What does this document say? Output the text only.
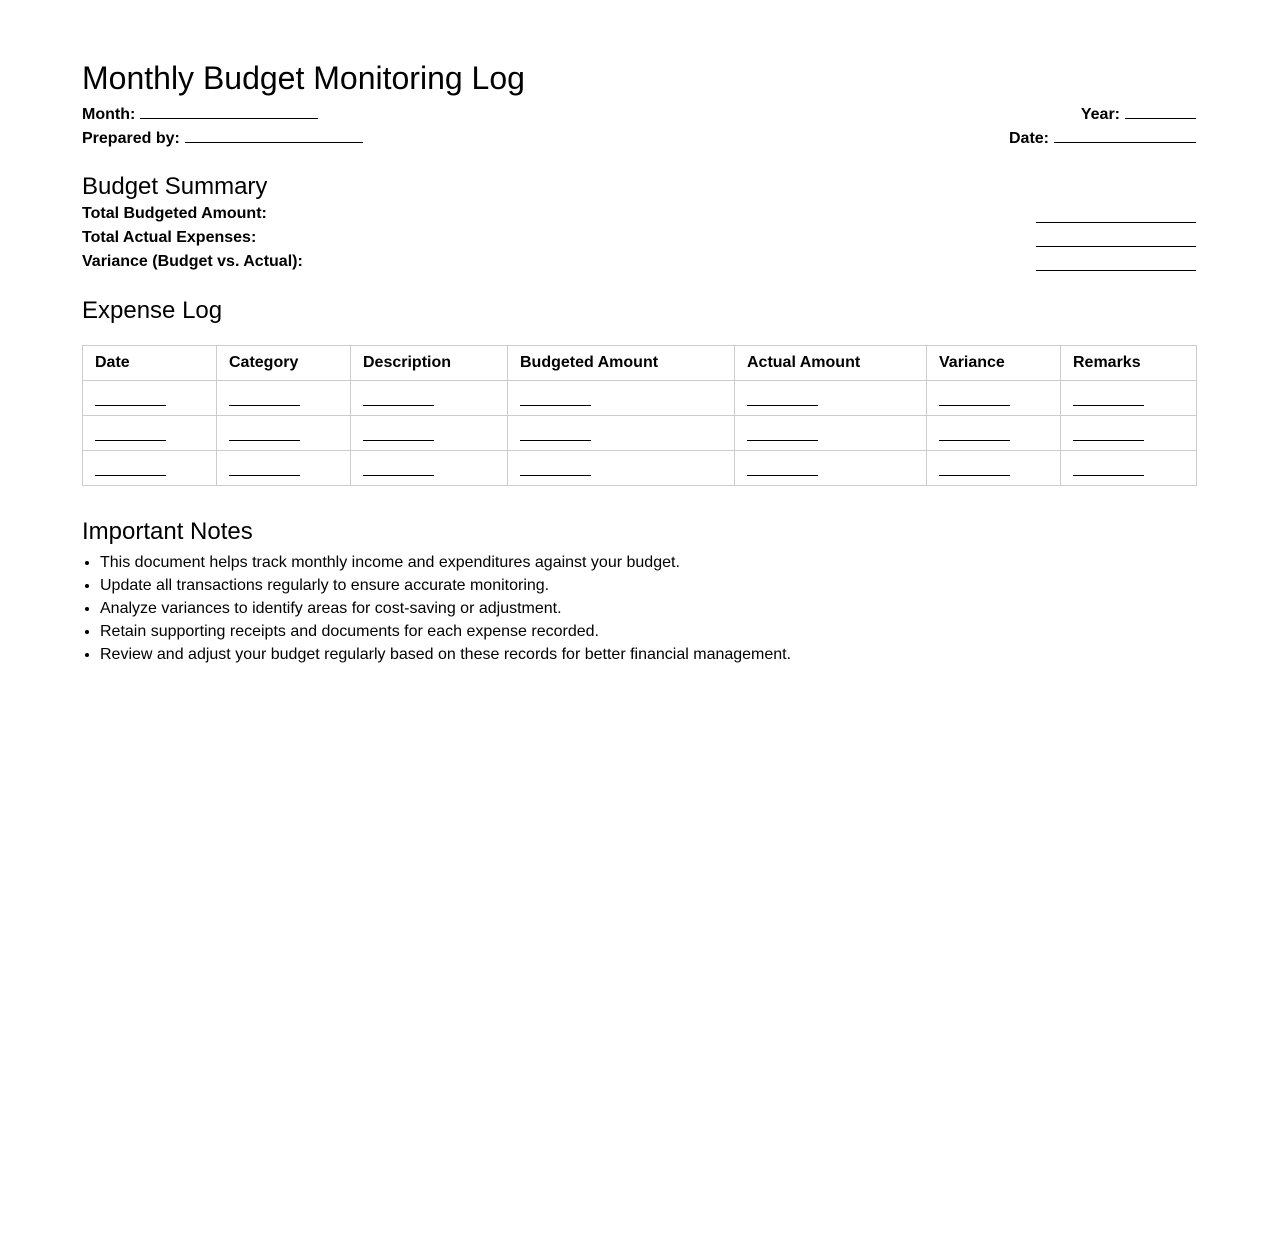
Monthly Budget Monitoring Log
Month:	Year:
Prepared by:	Date:
Budget Summary
Total Budgeted Amount:
Total Actual Expenses:
Variance (Budget vs. Actual):
Expense Log
Date	Category	Description	Budgeted Amount	Actual Amount	Variance	Remarks

Important Notes
• This document helps track monthly income and expenditures against your budget.
• Update all transactions regularly to ensure accurate monitoring.
• Analyze variances to identify areas for cost-saving or adjustment.
• Retain supporting receipts and documents for each expense recorded.
• Review and adjust your budget regularly based on these records for better financial management.
